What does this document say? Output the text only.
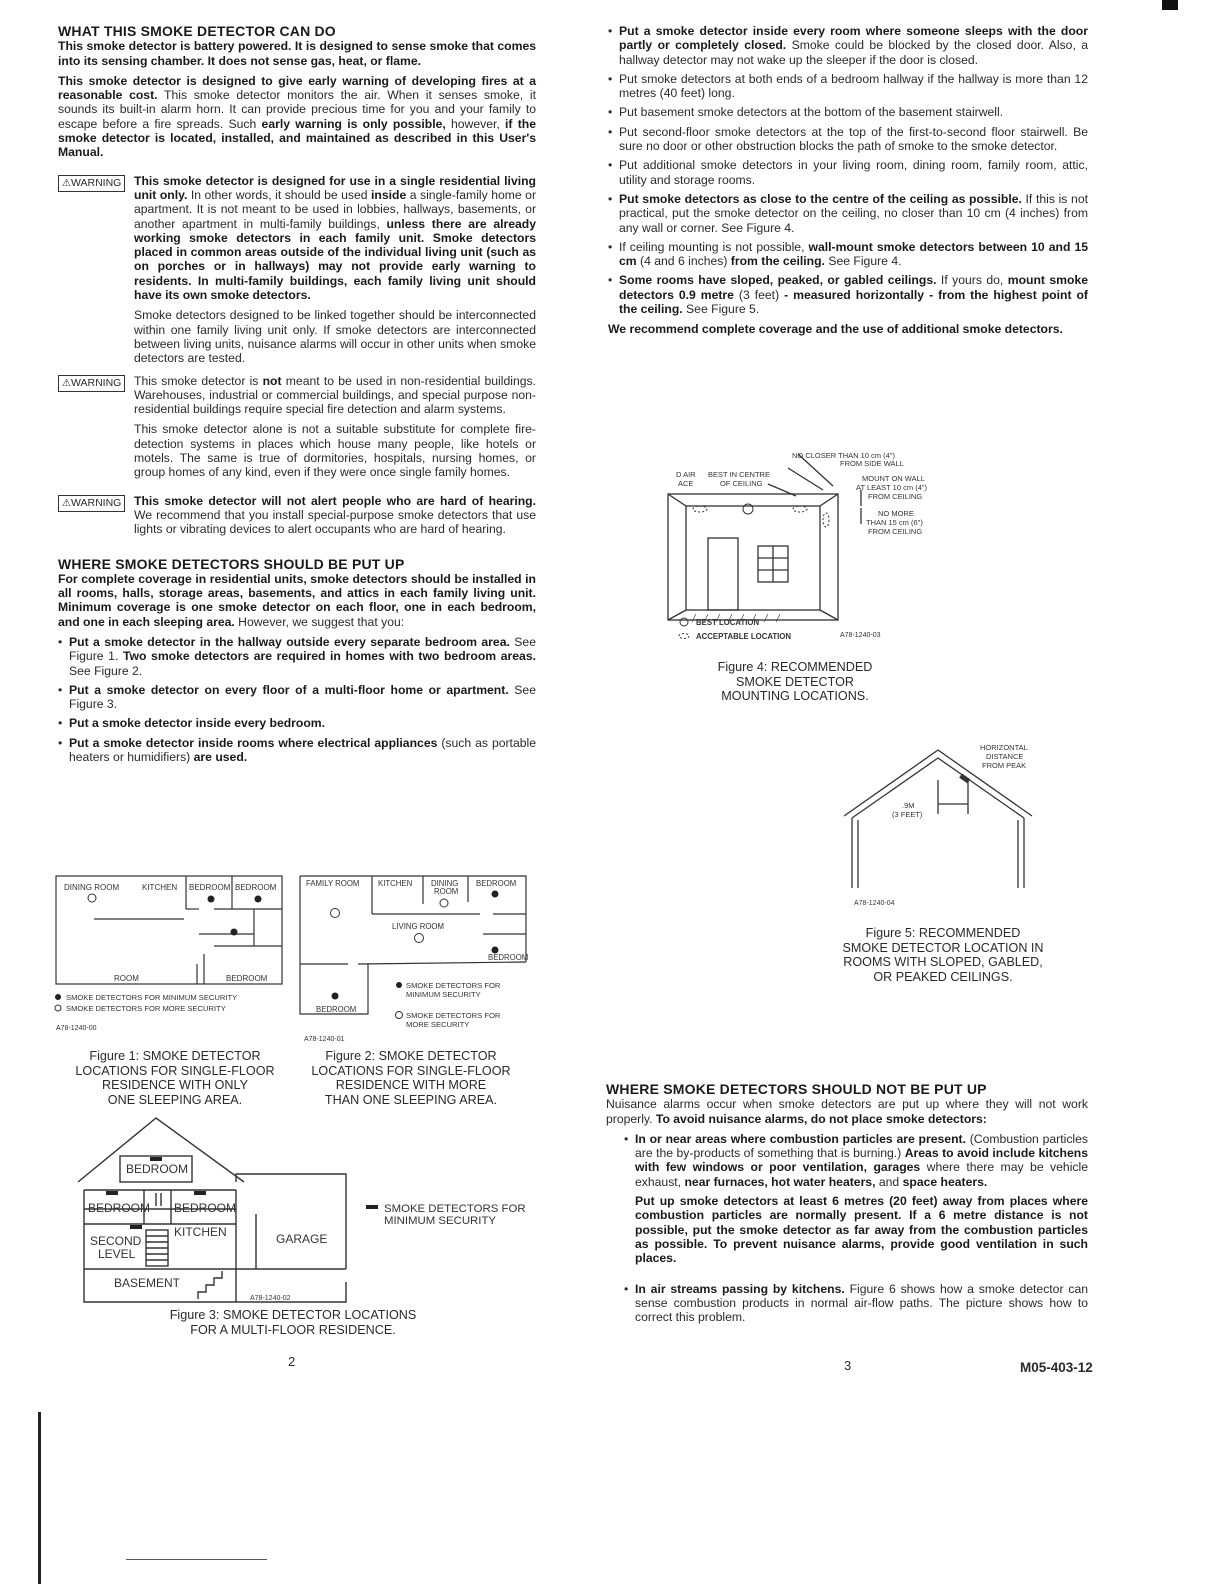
WHAT THIS SMOKE DETECTOR CAN DO

This smoke detector is battery powered. It is designed to sense smoke that comes into its sensing chamber. It does not sense gas, heat, or flame.

This smoke detector is designed to give early warning of developing fires at a reasonable cost. This smoke detector monitors the air. When it senses smoke, it sounds its built-in alarm horn. It can provide precious time for you and your family to escape before a fire spreads. Such early warning is only possible, however, if the smoke detector is located, installed, and maintained as described in this User's Manual.

⚠WARNING	This smoke detector is designed for use in a single residential living unit only. In other words, it should be used inside a single-family home or apartment. It is not meant to be used in lobbies, hallways, basements, or another apartment in multi-family buildings, unless there are already working smoke detectors in each family unit. Smoke detectors placed in common areas outside of the individual living unit (such as on porches or in hallways) may not provide early warning to residents. In multi-family buildings, each family living unit should have its own smoke detectors.

Smoke detectors designed to be linked together should be interconnected within one family living unit only. If smoke detectors are interconnected between living units, nuisance alarms will occur in other units when smoke detectors are tested.

⚠WARNING	This smoke detector is not meant to be used in non-residential buildings. Warehouses, industrial or commercial buildings, and special purpose non-residential buildings require special fire detection and alarm systems.

This smoke detector alone is not a suitable substitute for complete fire-detection systems in places which house many people, like hotels or motels. The same is true of dormitories, hospitals, nursing homes, or group homes of any kind, even if they were once single family homes.

⚠WARNING	This smoke detector will not alert people who are hard of hearing. We recommend that you install special-purpose smoke detectors that use lights or vibrating devices to alert occupants who are hard of hearing.

WHERE SMOKE DETECTORS SHOULD BE PUT UP

For complete coverage in residential units, smoke detectors should be installed in all rooms, halls, storage areas, basements, and attics in each family living unit. Minimum coverage is one smoke detector on each floor, one in each bedroom, and one in each sleeping area. However, we suggest that you:

• Put a smoke detector in the hallway outside every separate bedroom area. See Figure 1. Two smoke detectors are required in homes with two bedroom areas. See Figure 2.
• Put a smoke detector on every floor of a multi-floor home or apartment. See Figure 3.
• Put a smoke detector inside every bedroom.
• Put a smoke detector inside rooms where electrical appliances (such as portable heaters or humidifiers) are used.
DINING ROOM	KITCHEN BEDROOM BEDROOM
ROOM	BEDROOM
SMOKE DETECTORS FOR MINIMUM SECURITY
SMOKE DETECTORS FOR MORE SECURITY
A78-1240-00
Figure 1: SMOKE DETECTOR
LOCATIONS FOR SINGLE-FLOOR
RESIDENCE WITH ONLY
ONE SLEEPING AREA.
FAMILY ROOM KITCHEN DINING
ROOM
BEDROOM
LIVING ROOM
BEDROOM
BEDROOM
SMOKE DETECTORS FOR
MINIMUM SECURITY
SMOKE DETECTORS FOR
MORE SECURITY
A78-1240-01
Figure 2: SMOKE DETECTOR
LOCATIONS FOR SINGLE-FLOOR
RESIDENCE WITH MORE
THAN ONE SLEEPING AREA.
BEDROOM
BEDROOM BEDROOM
KITCHEN
SECOND
LEVEL
GARAGE
BASEMENT
SMOKE DETECTORS FOR
MINIMUM SECURITY
A78-1240-02
Figure 3: SMOKE DETECTOR LOCATIONS
FOR A MULTI-FLOOR RESIDENCE.
2
• Put a smoke detector inside every room where someone sleeps with the door partly or completely closed. Smoke could be blocked by the closed door. Also, a hallway detector may not wake up the sleeper if the door is closed.
• Put smoke detectors at both ends of a bedroom hallway if the hallway is more than 12 metres (40 feet) long.
• Put basement smoke detectors at the bottom of the basement stairwell.
• Put second-floor smoke detectors at the top of the first-to-second floor stairwell. Be sure no door or other obstruction blocks the path of smoke to the smoke detector.
• Put additional smoke detectors in your living room, dining room, family room, attic, utility and storage rooms.
• Put smoke detectors as close to the centre of the ceiling as possible. If this is not practical, put the smoke detector on the ceiling, no closer than 10 cm (4 inches) from any wall or corner. See Figure 4.
• If ceiling mounting is not possible, wall-mount smoke detectors between 10 and 15 cm (4 and 6 inches) from the ceiling. See Figure 4.
• Some rooms have sloped, peaked, or gabled ceilings. If yours do, mount smoke detectors 0.9 metre (3 feet) - measured horizontally - from the highest point of the ceiling. See Figure 5.

We recommend complete coverage and the use of additional smoke detectors.

NO CLOSER THAN 10 cm (4")
FROM SIDE WALL
D AIR
ACE
BEST IN CENTRE
OF CEILING
MOUNT ON WALL
AT LEAST 10 cm (4")
FROM CEILING
NO MORE
THAN 15 cm (6")
FROM CEILING
BEST LOCATION
ACCEPTABLE LOCATION	A78-1240-03
Figure 4: RECOMMENDED
SMOKE DETECTOR
MOUNTING LOCATIONS.
HORIZONTAL
DISTANCE
FROM PEAK
.9M
(3 FEET)
A78-1240-04
Figure 5: RECOMMENDED
SMOKE DETECTOR LOCATION IN
ROOMS WITH SLOPED, GABLED,
OR PEAKED CEILINGS.
WHERE SMOKE DETECTORS SHOULD NOT BE PUT UP

Nuisance alarms occur when smoke detectors are put up where they will not work properly. To avoid nuisance alarms, do not place smoke detectors:

• In or near areas where combustion particles are present. (Combustion particles are the by-products of something that is burning.) Areas to avoid include kitchens with few windows or poor ventilation, garages where there may be vehicle exhaust, near furnaces, hot water heaters, and space heaters.

Put up smoke detectors at least 6 metres (20 feet) away from places where combustion particles are normally present. If a 6 metre distance is not possible, put the smoke detector as far away from the combustion particles as possible. To prevent nuisance alarms, provide good ventilation in such places.

• In air streams passing by kitchens. Figure 6 shows how a smoke detector can sense combustion products in normal air-flow paths. The picture shows how to correct this problem.
3	M05-403-12
